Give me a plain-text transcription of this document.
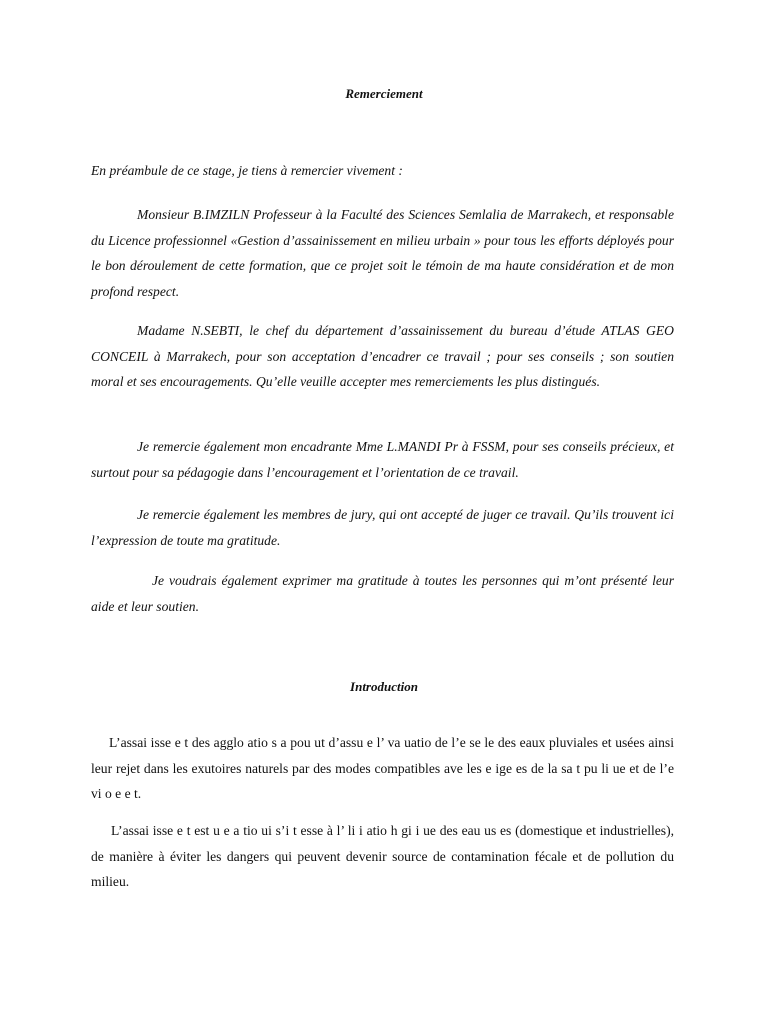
Remerciement

En préambule de ce stage, je tiens à remercier vivement :

Monsieur B.IMZILN Professeur à la Faculté des Sciences Semlalia de Marrakech, et responsable du Licence professionnel «Gestion d’assainissement en milieu urbain » pour tous les efforts déployés pour le bon déroulement de cette formation, que ce projet soit le témoin de ma haute considération et de mon profond respect.

Madame N.SEBTI, le chef du département d’assainissement du bureau d’étude ATLAS GEO CONCEIL à Marrakech, pour son acceptation d’encadrer ce travail ; pour ses conseils ; son soutien moral et ses encouragements. Qu’elle veuille accepter mes remerciements les plus distingués.

Je remercie également mon encadrante Mme L.MANDI Pr à FSSM, pour ses conseils précieux, et surtout pour sa pédagogie dans l’encouragement et l’orientation de ce travail.

Je remercie également les membres de jury, qui ont accepté de juger ce travail. Qu’ils trouvent ici l’expression de toute ma gratitude.

Je voudrais également exprimer ma gratitude à toutes les personnes qui m’ont présenté leur aide et leur soutien.

Introduction

L’assai isse e t des agglo atio s a pou ut d’assu e l’ va uatio de l’e se le des eaux pluviales et usées ainsi leur rejet dans les exutoires naturels par des modes compatibles ave les e ige es de la sa t pu li ue et de l’e vi o e e t.

L’assai isse e t est u e a tio ui s’i t esse à l’ li i atio h gi i ue des eau us es (domestique et industrielles), de manière à éviter les dangers qui peuvent devenir source de contamination fécale et de pollution du milieu.
